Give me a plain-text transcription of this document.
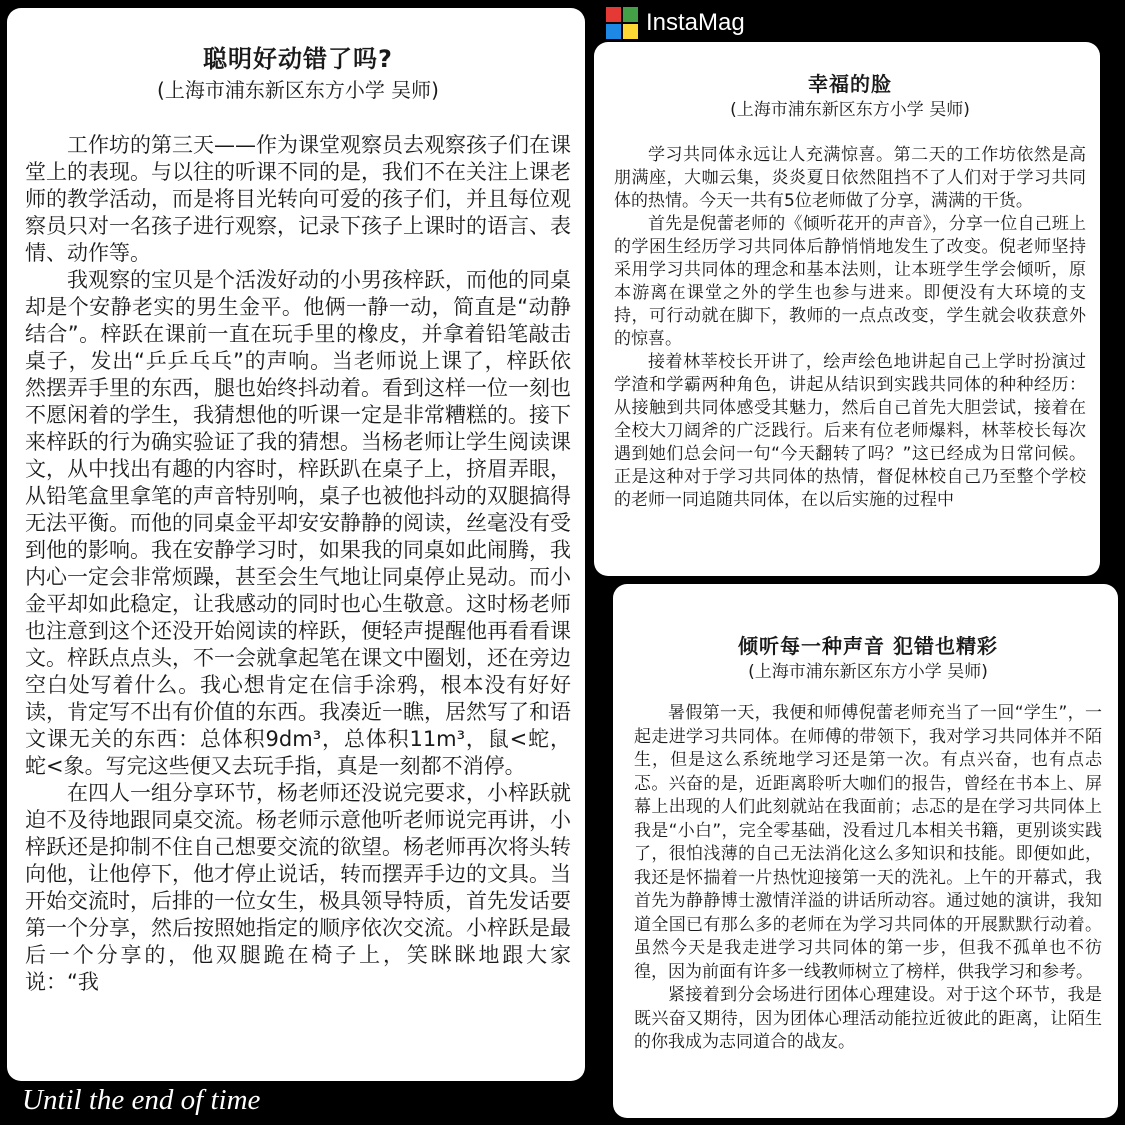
InstaMag
聪明好动错了吗?

(上海市浦东新区东方小学 吴师)

工作坊的第三天——作为课堂观察员去观察孩子们在课堂上的表现。与以往的听课不同的是，我们不在关注上课老师的教学活动，而是将目光转向可爱的孩子们，并且每位观察员只对一名孩子进行观察，记录下孩子上课时的语言、表情、动作等。

我观察的宝贝是个活泼好动的小男孩梓跃，而他的同桌却是个安静老实的男生金平。他俩一静一动，简直是“动静结合”。梓跃在课前一直在玩手里的橡皮，并拿着铅笔敲击桌子，发出“乒乒乓乓”的声响。当老师说上课了，梓跃依然摆弄手里的东西，腿也始终抖动着。看到这样一位一刻也不愿闲着的学生，我猜想他的听课一定是非常糟糕的。接下来梓跃的行为确实验证了我的猜想。当杨老师让学生阅读课文，从中找出有趣的内容时，梓跃趴在桌子上，挤眉弄眼，从铅笔盒里拿笔的声音特别响，桌子也被他抖动的双腿搞得无法平衡。而他的同桌金平却安安静静的阅读，丝毫没有受到他的影响。我在安静学习时，如果我的同桌如此闹腾，我内心一定会非常烦躁，甚至会生气地让同桌停止晃动。而小金平却如此稳定，让我感动的同时也心生敬意。这时杨老师也注意到这个还没开始阅读的梓跃，便轻声提醒他再看看课文。梓跃点点头，不一会就拿起笔在课文中圈划，还在旁边空白处写着什么。我心想肯定在信手涂鸦，根本没有好好读，肯定写不出有价值的东西。我凑近一瞧，居然写了和语文课无关的东西：总体积9dm³，总体积11m³，鼠<蛇，蛇<象。写完这些便又去玩手指，真是一刻都不消停。

在四人一组分享环节，杨老师还没说完要求，小梓跃就迫不及待地跟同桌交流。杨老师示意他听老师说完再讲，小梓跃还是抑制不住自己想要交流的欲望。杨老师再次将头转向他，让他停下，他才停止说话，转而摆弄手边的文具。当开始交流时，后排的一位女生，极具领导特质，首先发话要第一个分享，然后按照她指定的顺序依次交流。小梓跃是最后一个分享的，他双腿跪在椅子上，笑眯眯地跟大家说：“我

幸福的脸

(上海市浦东新区东方小学 吴师)

学习共同体永远让人充满惊喜。第二天的工作坊依然是高朋满座，大咖云集，炎炎夏日依然阻挡不了人们对于学习共同体的热情。今天一共有5位老师做了分享，满满的干货。

首先是倪蕾老师的《倾听花开的声音》，分享一位自己班上的学困生经历学习共同体后静悄悄地发生了改变。倪老师坚持采用学习共同体的理念和基本法则，让本班学生学会倾听，原本游离在课堂之外的学生也参与进来。即便没有大环境的支持，可行动就在脚下，教师的一点点改变，学生就会收获意外的惊喜。

接着林莘校长开讲了，绘声绘色地讲起自己上学时扮演过学渣和学霸两种角色，讲起从结识到实践共同体的种种经历：从接触到共同体感受其魅力，然后自己首先大胆尝试，接着在全校大刀阔斧的广泛践行。后来有位老师爆料，林莘校长每次遇到她们总会问一句“今天翻转了吗？”这已经成为日常问候。正是这种对于学习共同体的热情，督促林校自己乃至整个学校的老师一同追随共同体，在以后实施的过程中

倾听每一种声音 犯错也精彩

(上海市浦东新区东方小学 吴师)

暑假第一天，我便和师傅倪蕾老师充当了一回“学生”，一起走进学习共同体。在师傅的带领下，我对学习共同体并不陌生，但是这么系统地学习还是第一次。有点兴奋，也有点忐忑。兴奋的是，近距离聆听大咖们的报告，曾经在书本上、屏幕上出现的人们此刻就站在我面前；忐忑的是在学习共同体上我是“小白”，完全零基础，没看过几本相关书籍，更别谈实践了，很怕浅薄的自己无法消化这么多知识和技能。即便如此，我还是怀揣着一片热忱迎接第一天的洗礼。上午的开幕式，我首先为静静博士激情洋溢的讲话所动容。通过她的演讲，我知道全国已有那么多的老师在为学习共同体的开展默默行动着。虽然今天是我走进学习共同体的第一步，但我不孤单也不彷徨，因为前面有许多一线教师树立了榜样，供我学习和参考。

紧接着到分会场进行团体心理建设。对于这个环节，我是既兴奋又期待，因为团体心理活动能拉近彼此的距离，让陌生的你我成为志同道合的战友。

Until the end of time
